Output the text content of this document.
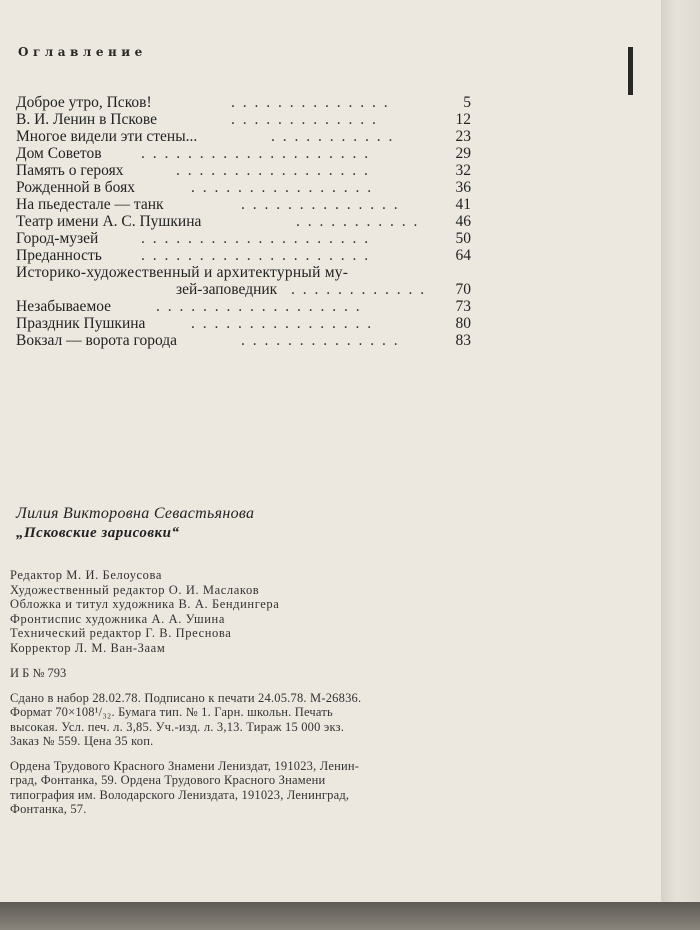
Оглавление
Доброе утро, Псков!	. . . . . . . . . . . . . .	5
В. И. Ленин в Пскове	. . . . . . . . . . . . .	12
Многое видели эти стены...	. . . . . . . . . . .	23
Дом Советов	. . . . . . . . . . . . . . . . . . . .	29
Память о героях	. . . . . . . . . . . . . . . . .	32
Рожденной в боях	. . . . . . . . . . . . . . . .	36
На пьедестале — танк	. . . . . . . . . . . . . .	41
Театр имени А. С. Пушкина	. . . . . . . . . . . 46
Город-музей	. . . . . . . . . . . . . . . . . . . .	50
Преданность	. . . . . . . . . . . . . . . . . . . .	64
Историко-художественный и архитектурный му-
зей-заповедник . . . . . . . . . . . . 70
Незабываемое	. . . . . . . . . . . . . . . . . .	73
Праздник Пушкина	. . . . . . . . . . . . . . . .	80
Вокзал — ворота города	. . . . . . . . . . . . . .	83
Лилия Викторовна Севастьянова
„Псковские зарисовки“
Редактор М. И. Белоусова
Художественный редактор О. И. Маслаков
Обложка и титул художника В. А. Бендингера
Фронтиспис художника А. А. Ушина
Технический редактор Г. В. Преснова
Корректор Л. М. Ван-Заам
И Б № 793
Сдано в набор 28.02.78. Подписано к печати 24.05.78. М-26836.
Формат 70×108¹/₃₂. Бумага тип. № 1. Гарн. школьн. Печать
высокая. Усл. печ. л. 3,85. Уч.-изд. л. 3,13. Тираж 15 000 экз.
Заказ № 559. Цена 35 коп.
Ордена Трудового Красного Знамени Лениздат, 191023, Ленин-
град, Фонтанка, 59. Ордена Трудового Красного Знамени
типография им. Володарского Лениздата, 191023, Ленинград,
Фонтанка, 57.
